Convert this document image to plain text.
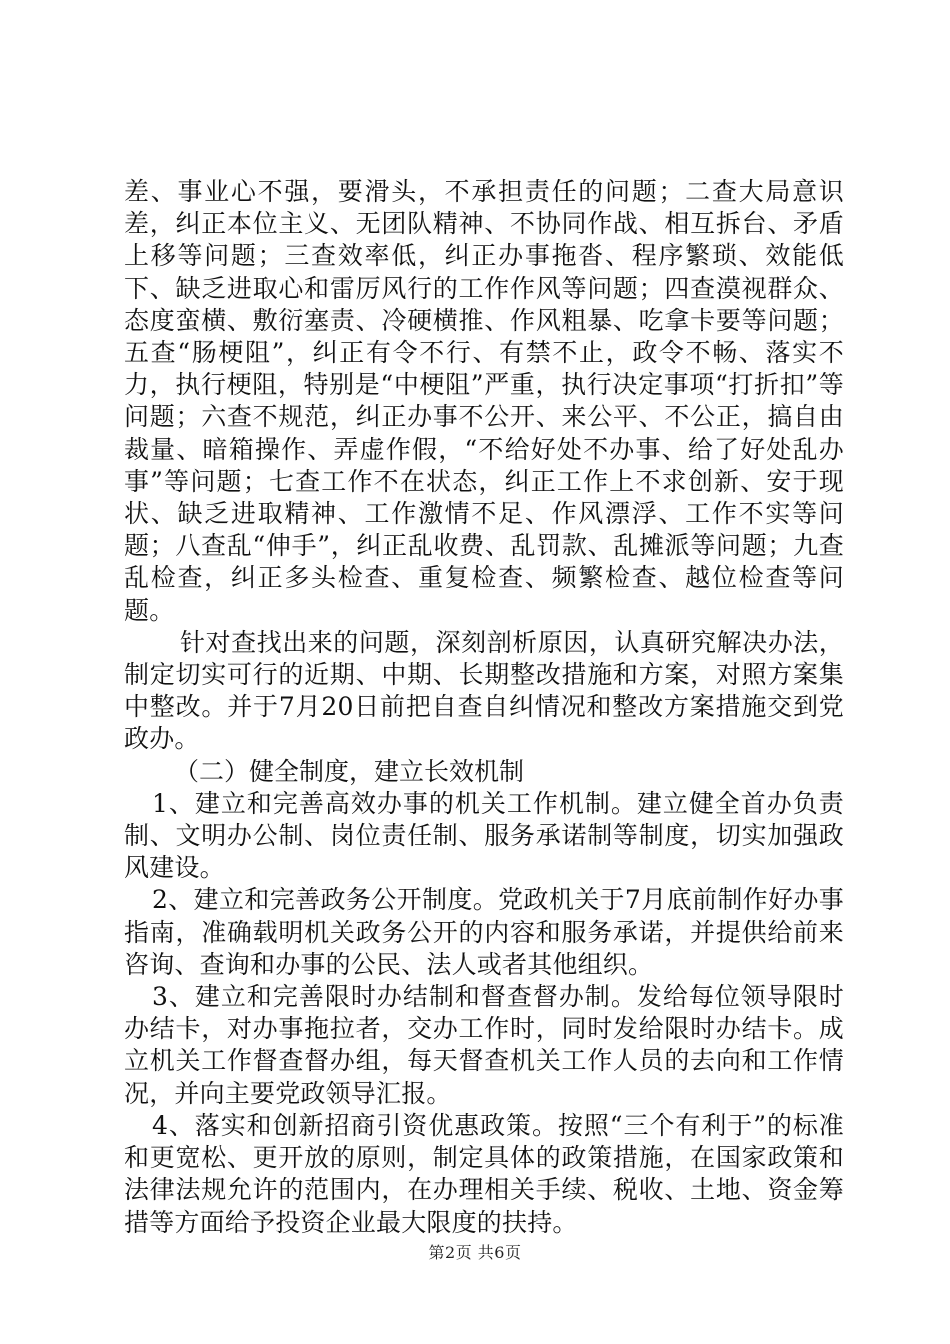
差、事业心不强，要滑头，不承担责任的问题；二查大局意识差，纠正本位主义、无团队精神、不协同作战、相互拆台、矛盾上移等问题；三查效率低，纠正办事拖沓、程序繁琐、效能低下、缺乏进取心和雷厉风行的工作作风等问题；四查漠视群众、态度蛮横、敷衍塞责、冷硬横推、作风粗暴、吃拿卡要等问题；五查“肠梗阻”，纠正有令不行、有禁不止，政令不畅、落实不力，执行梗阻，特别是“中梗阻”严重，执行决定事项“打折扣”等问题；六查不规范，纠正办事不公开、来公平、不公正，搞自由裁量、暗箱操作、弄虚作假，“不给好处不办事、给了好处乱办事”等问题；七查工作不在状态，纠正工作上不求创新、安于现状、缺乏进取精神、工作激情不足、作风漂浮、工作不实等问题；八查乱“伸手”，纠正乱收费、乱罚款、乱摊派等问题；九查乱检查，纠正多头检查、重复检查、频繁检查、越位检查等问题。

针对查找出来的问题，深刻剖析原因，认真研究解决办法，制定切实可行的近期、中期、长期整改措施和方案，对照方案集中整改。并于7月20日前把自查自纠情况和整改方案措施交到党政办。

（二）健全制度，建立长效机制

1、建立和完善高效办事的机关工作机制。建立健全首办负责制、文明办公制、岗位责任制、服务承诺制等制度，切实加强政风建设。

2、建立和完善政务公开制度。党政机关于7月底前制作好办事指南，准确载明机关政务公开的内容和服务承诺，并提供给前来咨询、查询和办事的公民、法人或者其他组织。

3、建立和完善限时办结制和督查督办制。发给每位领导限时办结卡，对办事拖拉者，交办工作时，同时发给限时办结卡。成立机关工作督查督办组，每天督查机关工作人员的去向和工作情况，并向主要党政领导汇报。

4、落实和创新招商引资优惠政策。按照“三个有利于”的标准和更宽松、更开放的原则，制定具体的政策措施，在国家政策和法律法规允许的范围内，在办理相关手续、税收、土地、资金筹措等方面给予投资企业最大限度的扶持。

第2页 共6页
